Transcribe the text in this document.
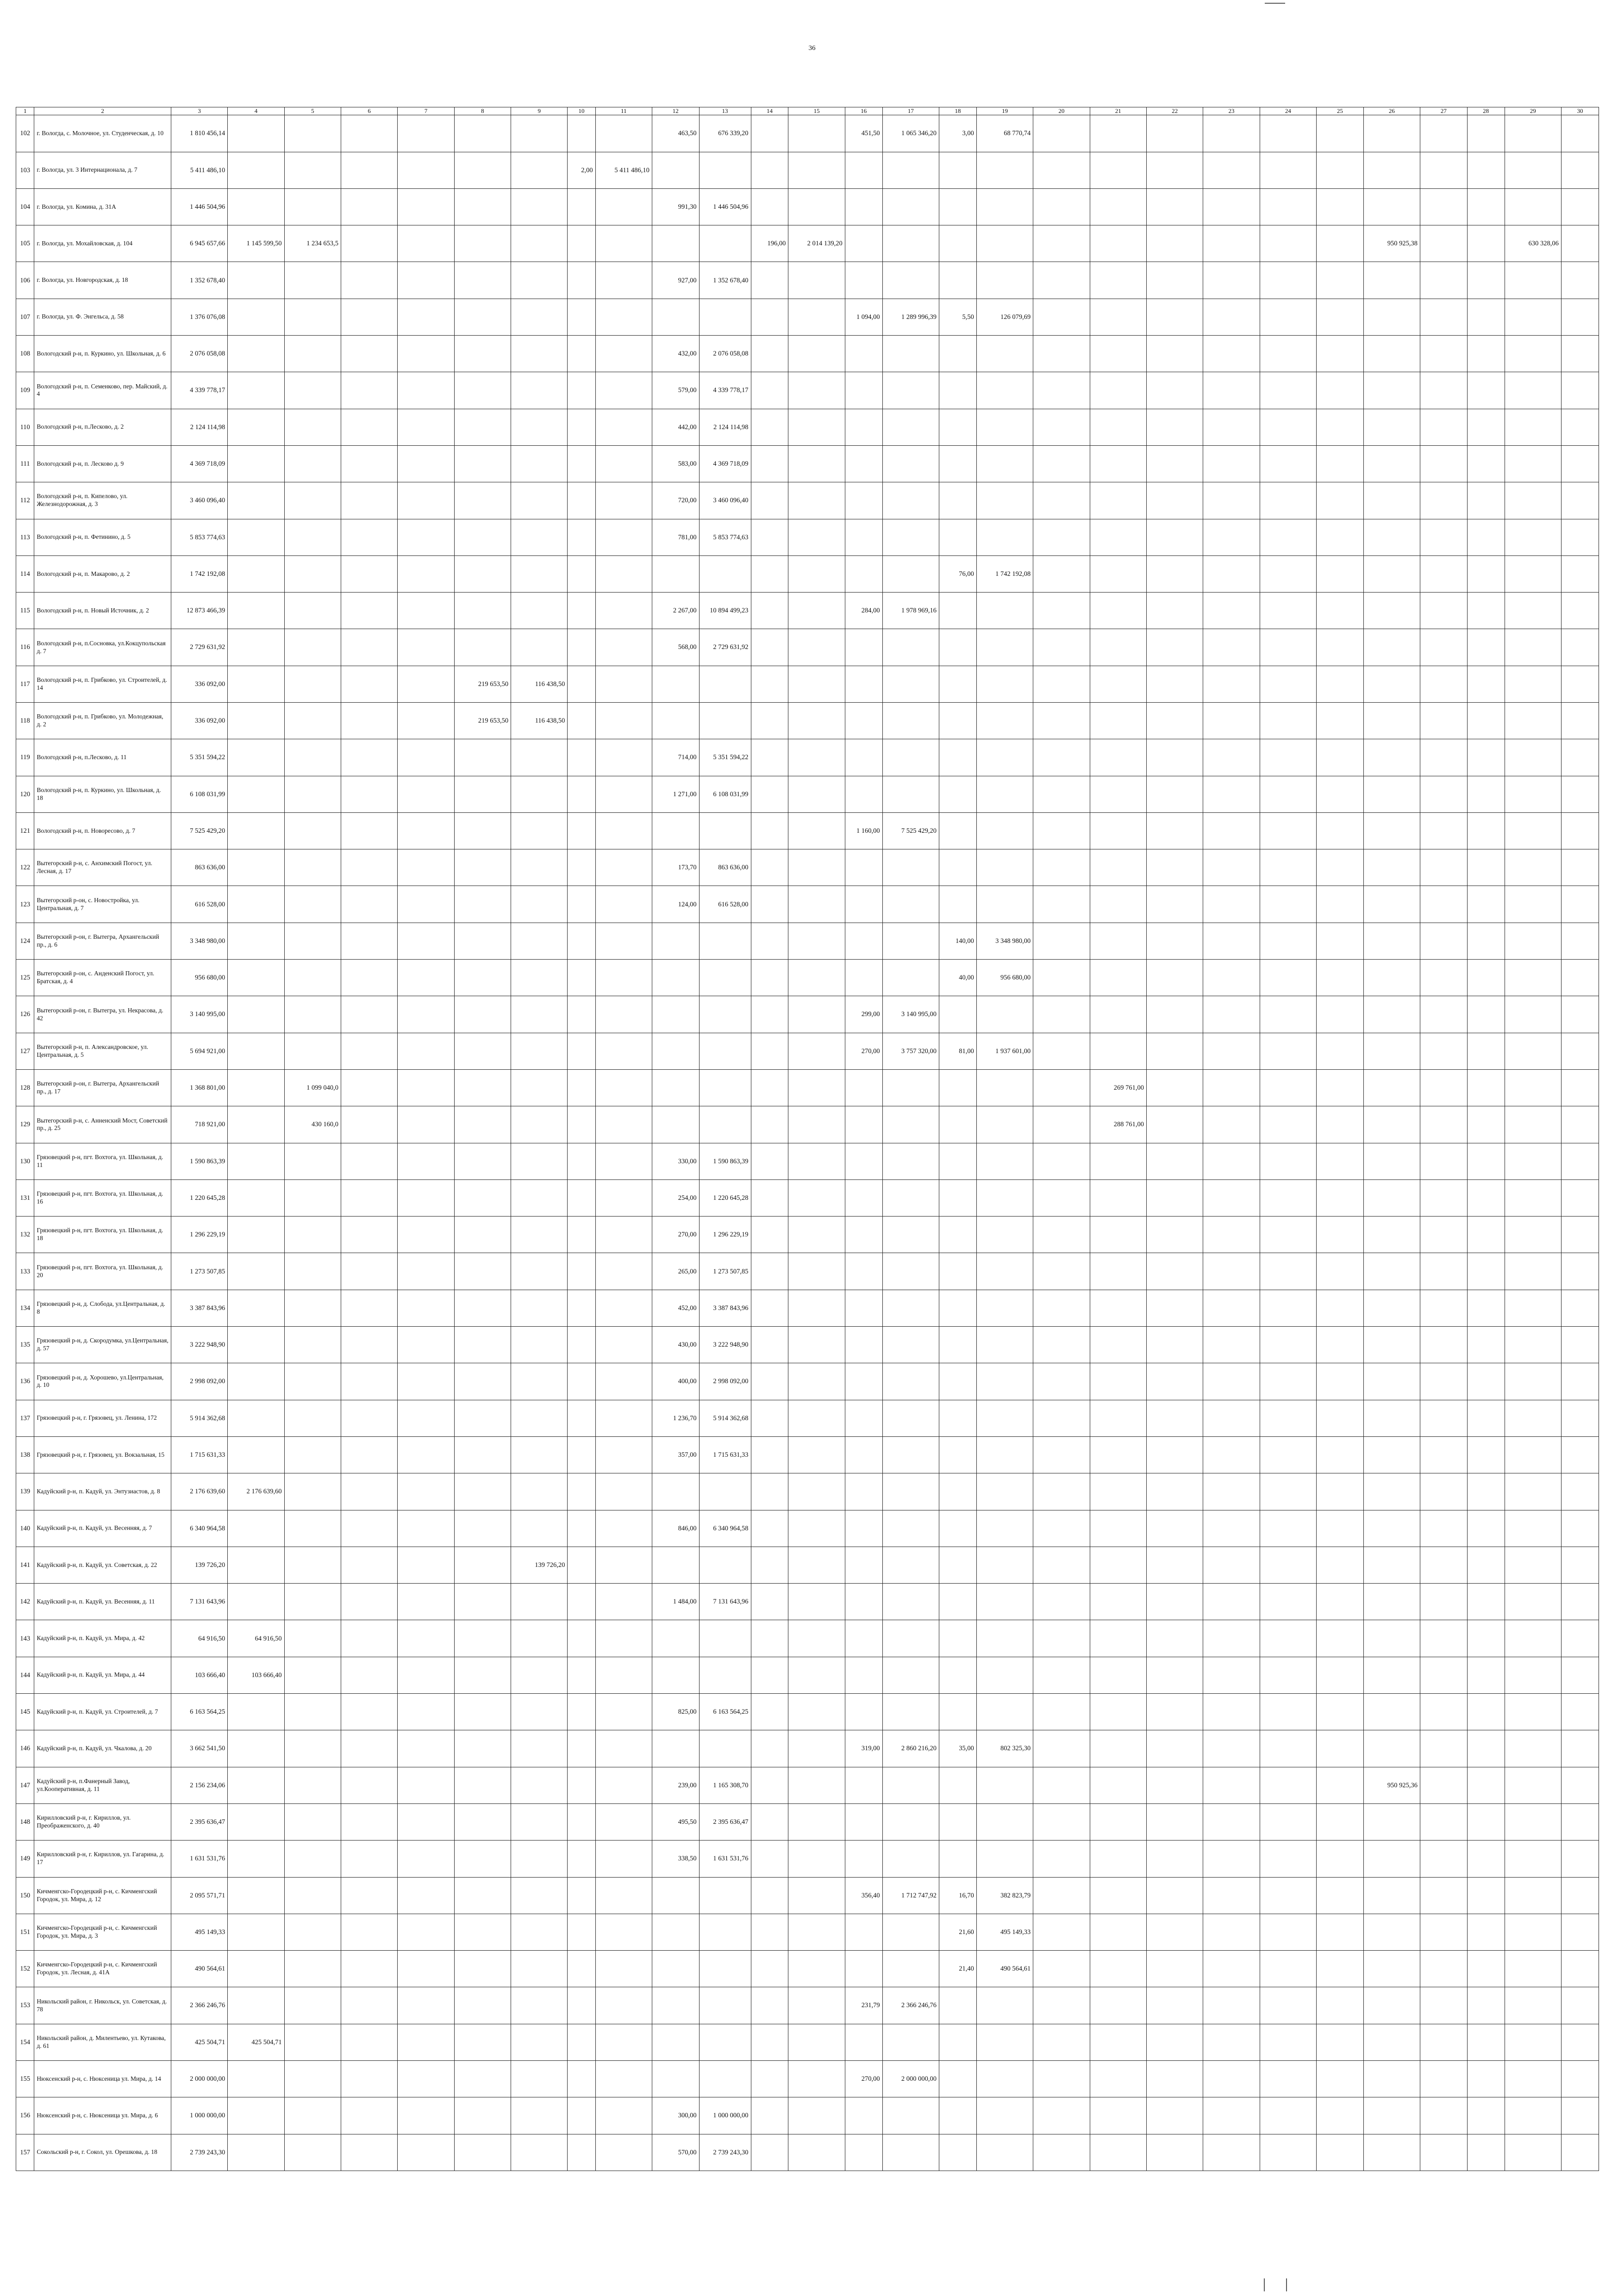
36
1	2	3	4	5	6	7	8	9	10	11	12	13	14	15	16	17	18	19	20	21	22	23	24	25	26	27	28	29	30
102	г. Вологда, с. Молочное, ул. Студенческая, д. 10	1 810 456,14									463,50	676 339,20			451,50	1 065 346,20	3,00	68 770,74											
103	г. Вологда, ул. 3 Интернационала, д. 7	5 411 486,10							2,00	5 411 486,10																			
104	г. Вологда, ул. Комина, д. 31А	1 446 504,96									991,30	1 446 504,96																	
105	г. Вологда, ул. Мохайловская, д. 104	6 945 657,66	1 145 599,50	1 234 653,5									196,00	2 014 139,20											950 925,38			630 328,06	
106	г. Вологда, ул. Новгородская, д. 18	1 352 678,40									927,00	1 352 678,40																	
107	г. Вологда, ул. Ф. Энгельса, д. 58	1 376 076,08													1 094,00	1 289 996,39	5,50	126 079,69											
108	Вологодский р-н, п. Куркино, ул. Школьная, д. 6	2 076 058,08									432,00	2 076 058,08																	
109	Вологодский р-н, п. Семенково, пер. Майский, д. 4	4 339 778,17									579,00	4 339 778,17																	
110	Вологодский р-н, п.Лесково, д. 2	2 124 114,98									442,00	2 124 114,98																	
111	Вологодский р-н, п. Лесково д. 9	4 369 718,09									583,00	4 369 718,09																	
112	Вологодский р-н, п. Кипелово, ул. Железнодорожная, д. 3	3 460 096,40									720,00	3 460 096,40																	
113	Вологодский р-н, п. Фетинино, д. 5	5 853 774,63									781,00	5 853 774,63																	
114	Вологодский р-н, п. Макарово, д. 2	1 742 192,08															76,00	1 742 192,08											
115	Вологодский р-н, п. Новый Источник, д. 2	12 873 466,39									2 267,00	10 894 499,23			284,00	1 978 969,16													
116	Вологодский р-н, п.Сосновка, ул.Кокцупольская д. 7	2 729 631,92									568,00	2 729 631,92																	
117	Вологодский р-н, п. Грибково, ул. Строителей, д. 14	336 092,00					219 653,50	116 438,50																					
118	Вологодский р-н, п. Грибково, ул. Молодежная, д. 2	336 092,00					219 653,50	116 438,50																					
119	Вологодский р-н, п.Лесково, д. 11	5 351 594,22									714,00	5 351 594,22																	
120	Вологодский р-н, п. Куркино, ул. Школьная, д. 18	6 108 031,99									1 271,00	6 108 031,99																	
121	Вологодский р-н, п. Новоресово, д. 7	7 525 429,20													1 160,00	7 525 429,20													
122	Вытегорский р-н, с. Анхимский Погост, ул. Лесная, д. 17	863 636,00									173,70	863 636,00																	
123	Вытегорский р-он, с. Новостройка, ул. Центральная, д. 7	616 528,00									124,00	616 528,00																	
124	Вытегорский р-он, г. Вытегра, Архангельский пр., д. 6	3 348 980,00															140,00	3 348 980,00											
125	Вытегорский р-он, с. Анденский Погост, ул. Братская, д. 4	956 680,00															40,00	956 680,00											
126	Вытегорский р-он, г. Вытегра, ул. Некрасова, д. 42	3 140 995,00													299,00	3 140 995,00													
127	Вытегорский р-н, п. Александровское, ул. Центральная, д. 5	5 694 921,00													270,00	3 757 320,00	81,00	1 937 601,00											
128	Вытегорский р-он, г. Вытегра, Архангельский пр., д. 17	1 368 801,00		1 099 040,0																269 761,00									
129	Вытегорский р-н, с. Анненский Мост, Советский пр., д. 25	718 921,00		430 160,0																288 761,00									
130	Грязовецкий р-н, пгт. Вохтога, ул. Школьная, д. 11	1 590 863,39									330,00	1 590 863,39																	
131	Грязовецкий р-н, пгт. Вохтога, ул. Школьная, д. 16	1 220 645,28									254,00	1 220 645,28																	
132	Грязовецкий р-н, пгт. Вохтога, ул. Школьная, д. 18	1 296 229,19									270,00	1 296 229,19																	
133	Грязовецкий р-н, пгт. Вохтога, ул. Школьная, д. 20	1 273 507,85									265,00	1 273 507,85																	
134	Грязовецкий р-н, д. Слобода, ул.Центральная, д. 8	3 387 843,96									452,00	3 387 843,96																	
135	Грязовецкий р-н, д. Скородумка, ул.Центральная, д. 57	3 222 948,90									430,00	3 222 948,90																	
136	Грязовецкий р-н, д. Хорошево, ул.Центральная, д. 10	2 998 092,00									400,00	2 998 092,00																	
137	Грязовецкий р-н, г. Грязовец, ул. Ленина, 172	5 914 362,68									1 236,70	5 914 362,68																	
138	Грязовецкий р-н, г. Грязовец, ул. Вокзальная, 15	1 715 631,33									357,00	1 715 631,33																	
139	Кадуйский р-н, п. Кадуй, ул. Энтузиастов, д. 8	2 176 639,60	2 176 639,60																										
140	Кадуйский р-н, п. Кадуй, ул. Весенняя, д. 7	6 340 964,58									846,00	6 340 964,58																	
141	Кадуйский р-н, п. Кадуй, ул. Советская, д. 22	139 726,20						139 726,20																					
142	Кадуйский р-н, п. Кадуй, ул. Весенняя, д. 11	7 131 643,96									1 484,00	7 131 643,96																	
143	Кадуйский р-н, п. Кадуй, ул. Мира, д. 42	64 916,50	64 916,50																										
144	Кадуйский р-н, п. Кадуй, ул. Мира, д. 44	103 666,40	103 666,40																										
145	Кадуйский р-н, п. Кадуй, ул. Строителей, д. 7	6 163 564,25									825,00	6 163 564,25																	
146	Кадуйский р-н, п. Кадуй, ул. Чкалова, д. 20	3 662 541,50													319,00	2 860 216,20	35,00	802 325,30											
147	Кадуйский р-н, п.Фанерный Завод, ул.Кооперативная, д. 11	2 156 234,06									239,00	1 165 308,70													950 925,36				
148	Кирилловский р-н, г. Кириллов, ул. Преображенского, д. 40	2 395 636,47									495,50	2 395 636,47																	
149	Кирилловский р-н, г. Кириллов, ул. Гагарина, д. 17	1 631 531,76									338,50	1 631 531,76																	
150	Кичменгско-Городецкий р-н, с. Кичменгский Городок, ул. Мира, д. 12	2 095 571,71													356,40	1 712 747,92	16,70	382 823,79											
151	Кичменгско-Городецкий р-н, с. Кичменгский Городок, ул. Мира, д. 3	495 149,33															21,60	495 149,33											
152	Кичменгско-Городецкий р-н, с. Кичменгский Городок, ул. Лесная, д. 41А	490 564,61															21,40	490 564,61											
153	Никольский район, г. Никольск, ул. Советская, д. 78	2 366 246,76													231,79	2 366 246,76													
154	Никольский район, д. Милентьево, ул. Кутакова, д. 61	425 504,71	425 504,71																										
155	Нюксенский р-н, с. Нюксеница ул. Мира, д. 14	2 000 000,00													270,00	2 000 000,00													
156	Нюксенский р-н, с. Нюксеница ул. Мира, д. 6	1 000 000,00									300,00	1 000 000,00																	
157	Сокольский р-н, г. Сокол, ул. Орешкова, д. 18	2 739 243,30									570,00	2 739 243,30																	
